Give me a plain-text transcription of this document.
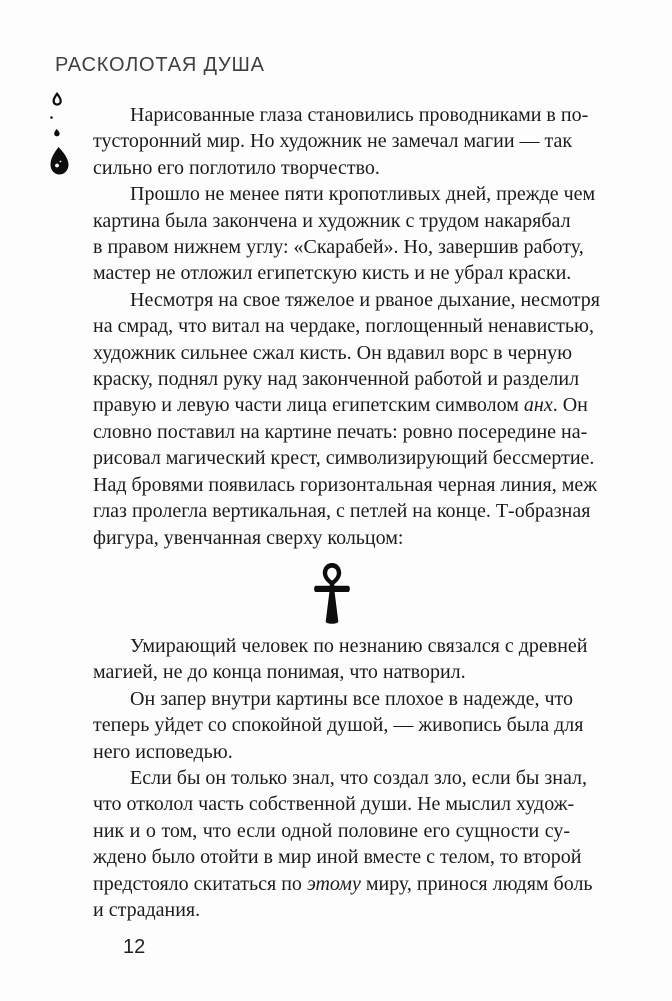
РАСКОЛОТАЯ ДУША
Нарисованные глаза становились проводниками в по-
тусторонний мир. Но художник не замечал магии — так
сильно его поглотило творчество.
Прошло не менее пяти кропотливых дней, прежде чем
картина была закончена и художник с трудом накарябал
в правом нижнем углу: «Скарабей». Но, завершив работу,
мастер не отложил египетскую кисть и не убрал краски.
Несмотря на свое тяжелое и рваное дыхание, несмотря
на смрад, что витал на чердаке, поглощенный ненавистью,
художник сильнее сжал кисть. Он вдавил ворс в черную
краску, поднял руку над законченной работой и разделил
правую и левую части лица египетским символом анх. Он
словно поставил на картине печать: ровно посередине на-
рисовал магический крест, символизирующий бессмертие.
Над бровями появилась горизонтальная черная линия, меж
глаз пролегла вертикальная, с петлей на конце. Т-образная
фигура, увенчанная сверху кольцом:
Умирающий человек по незнанию связался с древней
магией, не до конца понимая, что натворил.
Он запер внутри картины все плохое в надежде, что
теперь уйдет со спокойной душой, — живопись была для
него исповедью.
Если бы он только знал, что создал зло, если бы знал,
что отколол часть собственной души. Не мыслил худож-
ник и о том, что если одной половине его сущности су-
ждено было отойти в мир иной вместе с телом, то второй
предстояло скитаться по этому миру, принося людям боль
и страдания.
12
